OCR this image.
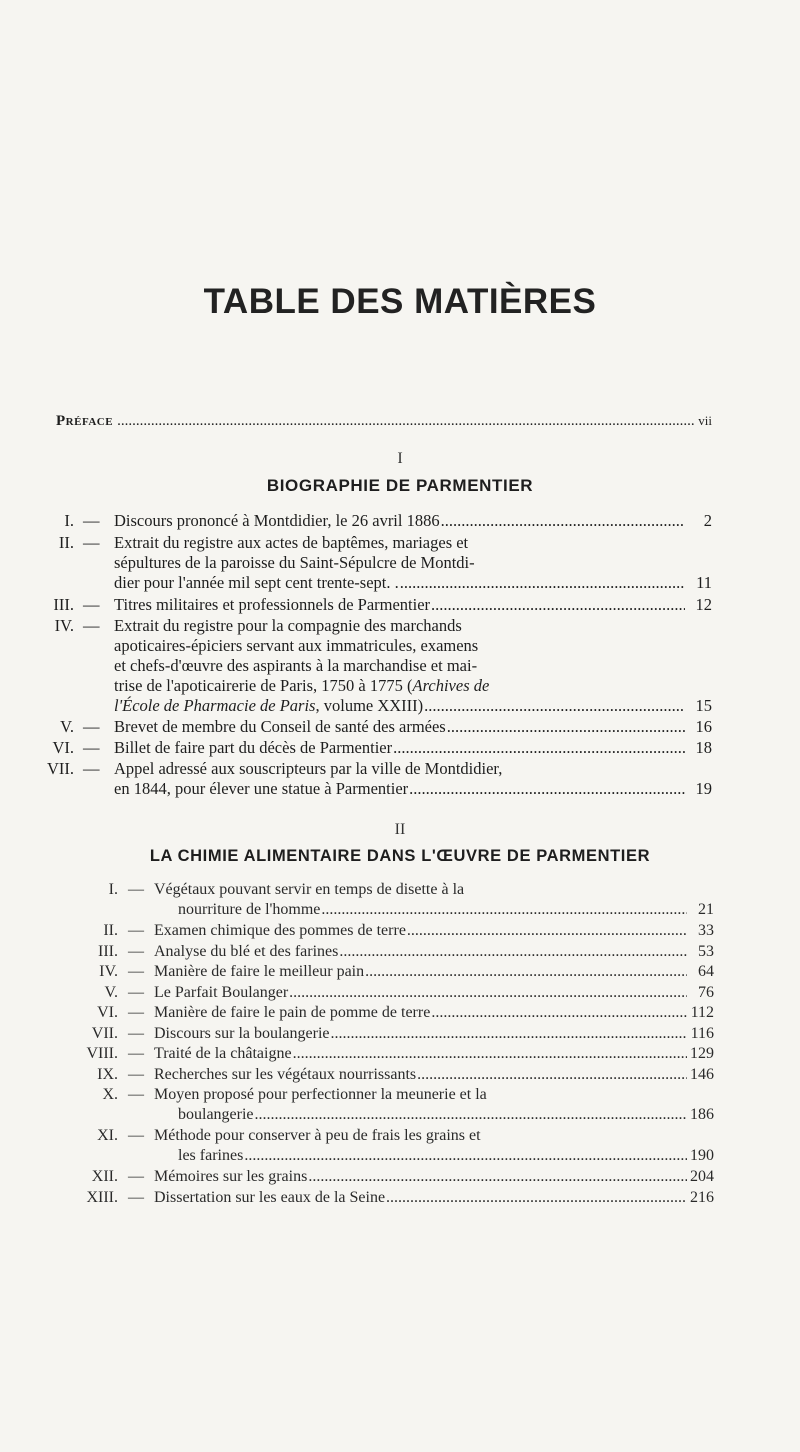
TABLE DES MATIÈRES
Préface .....	vii
I
BIOGRAPHIE DE PARMENTIER
I. — Discours prononcé à Montdidier, le 26 avril 1886 .....	2
II. — Extrait du registre aux actes de baptêmes, mariages et
sépultures de la paroisse du Saint-Sépulcre de Montdi-
dier pour l'année mil sept cent trente-sept. . .....	11
III. — Titres militaires et professionnels de Parmentier .....	12
IV. — Extrait du registre pour la compagnie des marchands
apoticaires-épiciers servant aux immatricules, examens
et chefs-d'œuvre des aspirants à la marchandise et mai-
trise de l'apoticairerie de Paris, 1750 à 1775 (Archives de
l'École de Pharmacie de Paris, volume XXIII) .....	15
V. — Brevet de membre du Conseil de santé des armées .....	16
VI. — Billet de faire part du décès de Parmentier .....	18
VII. — Appel adressé aux souscripteurs par la ville de Montdidier,
en 1844, pour élever une statue à Parmentier .....	19
II
LA CHIMIE ALIMENTAIRE DANS L'ŒUVRE DE PARMENTIER
I. — Végétaux pouvant servir en temps de disette à la
nourriture de l'homme .....	21
II. — Examen chimique des pommes de terre .....	33
III. — Analyse du blé et des farines .....	53
IV. — Manière de faire le meilleur pain .....	64
V. — Le Parfait Boulanger .....	76
VI. — Manière de faire le pain de pomme de terre .....	112
VII. — Discours sur la boulangerie .....	116
VIII. — Traité de la châtaigne .....	129
IX. — Recherches sur les végétaux nourrissants .....	146
X. — Moyen proposé pour perfectionner la meunerie et la
boulangerie .....	186
XI. — Méthode pour conserver à peu de frais les grains et
les farines .....	190
XII. — Mémoires sur les grains .....	204
XIII. — Dissertation sur les eaux de la Seine .....	216
